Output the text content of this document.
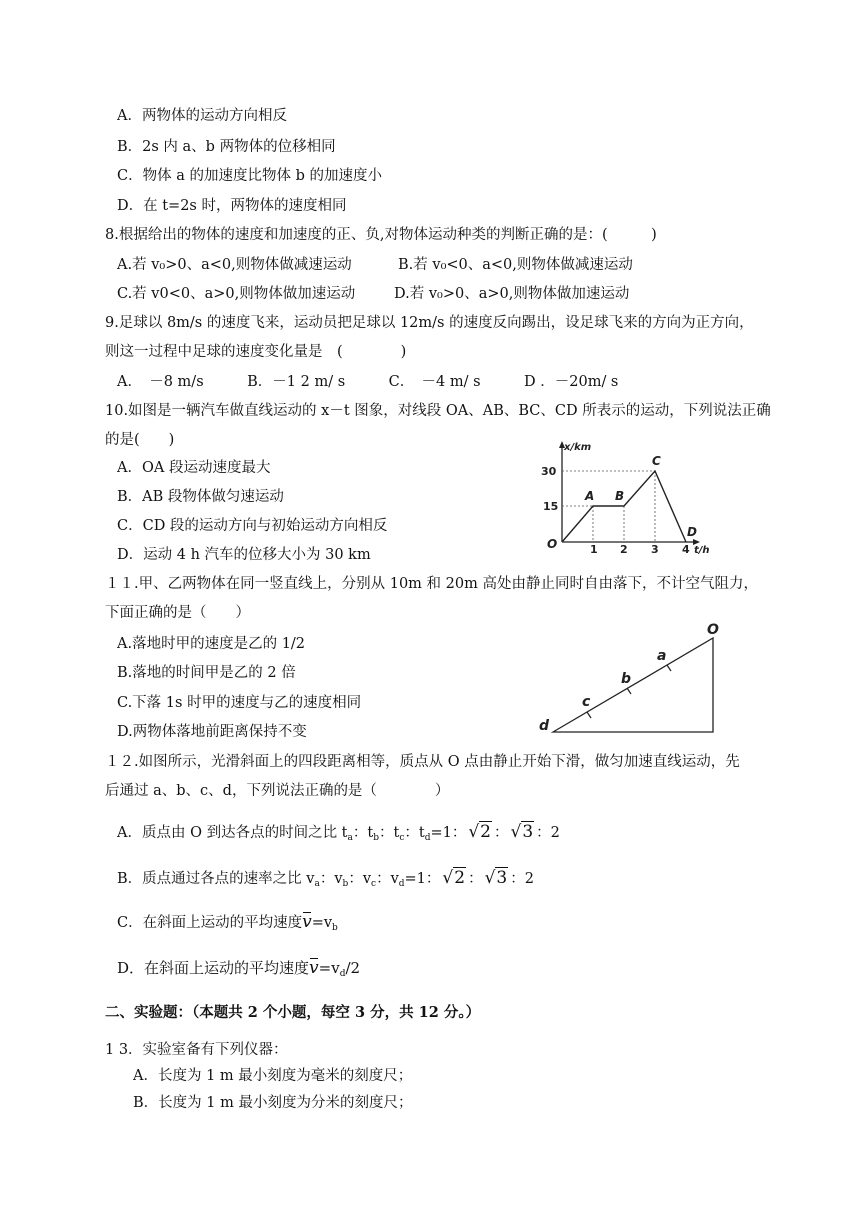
A．两物体的运动方向相反
B．2s 内 a、b 两物体的位移相同
C．物体 a 的加速度比物体 b 的加速度小
D．在 t=2s 时，两物体的速度相同
8.根据给出的物体的速度和加速度的正、负,对物体运动种类的判断正确的是：(　　　)
A.若 v₀>0、a<0,则物体做减速运动	B.若 v₀<0、a<0,则物体做减速运动
C.若 v0<0、a>0,则物体做加速运动	D.若 v₀>0、a>0,则物体做加速运动
9.足球以 8m/s 的速度飞来，运动员把足球以 12m/s 的速度反向踢出，设足球飞来的方向为正方向，
则这一过程中足球的速度变化量是　(　　　　)
A．　－8 m/s　　　B．－1 2 m/ s　　　C．　－4 m/ s　　　D ．－20m/ s
10.如图是一辆汽车做直线运动的 x－t 图象，对线段 OA、AB、BC、CD 所表示的运动，下列说法正确
的是(　　)
A．OA 段运动速度最大
B．AB 段物体做匀速运动
C．CD 段的运动方向与初始运动方向相反
D．运动 4 h 汽车的位移大小为 30 km
x/km
t/h
30
15
O	1 2 3 4
A B
C
D
１１.甲、乙两物体在同一竖直线上，分别从 10m 和 20m 高处由静止同时自由落下，不计空气阻力，
下面正确的是（　　）
A.落地时甲的速度是乙的 1/2
B.落地的时间甲是乙的 2 倍
C.下落 1s 时甲的速度与乙的速度相同
D.两物体落地前距离保持不变
O
a
b
c
d
１２.如图所示，光滑斜面上的四段距离相等，质点从 O 点由静止开始下滑，做匀加速直线运动，先
后通过 a、b、c、d，下列说法正确的是（　　　　）
A．质点由 O 到达各点的时间之比 $t_a$：$t_b$：$t_c$：$t_d=1$： √2 ： √3 ：2
B．质点通过各点的速率之比 $v_a$：$v_b$：$v_c$：$v_d=1$： √2 ： √3 ：2
C．在斜面上运动的平均速度$v=v_b$
D．在斜面上运动的平均速度$v=v_d/2$
二、实验题：（本题共 2 个小题，每空 3 分，共 12 分。）
1 3．实验室备有下列仪器：
A．长度为 1 m 最小刻度为毫米的刻度尺；
B．长度为 1 m 最小刻度为分米的刻度尺；
